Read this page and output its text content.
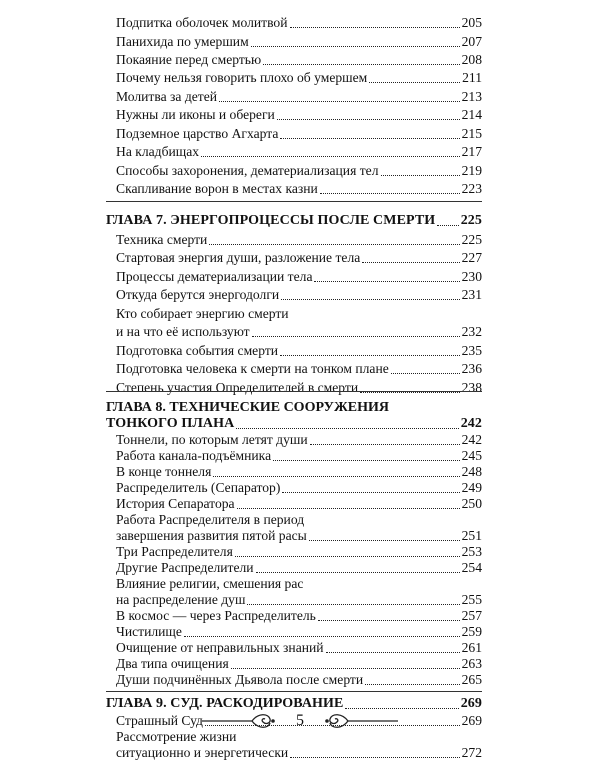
Подпитка оболочек молитвой	205
Панихида по умершим	207
Покаяние перед смертью	208
Почему нельзя говорить плохо об умершем	211
Молитва за детей	213
Нужны ли иконы и обереги	214
Подземное царство Агхарта	215
На кладбищах	217
Способы захоронения, дематериализация тел	219
Скапливание ворон в местах казни	223
ГЛАВА 7. ЭНЕРГОПРОЦЕССЫ ПОСЛЕ СМЕРТИ 225
Техника смерти	225
Стартовая энергия души, разложение тела	227
Процессы дематериализации тела	230
Откуда берутся энергодолги	231
Кто собирает энергию смерти
и на что её используют	232
Подготовка события смерти	235
Подготовка человека к смерти на тонком плане	236
Степень участия Определителей в смерти	238
ГЛАВА 8. ТЕХНИЧЕСКИЕ СООРУЖЕНИЯ
ТОНКОГО ПЛАНА	242
Тоннели, по которым летят души	242
Работа канала-подъёмника	245
В конце тоннеля	248
Распределитель (Сепаратор)	249
История Сепаратора	250
Работа Распределителя в период
завершения развития пятой расы	251
Три Распределителя	253
Другие Распределители	254
Влияние религии, смешения рас
на распределение душ	255
В космос — через Распределитель	257
Чистилище	259
Очищение от неправильных знаний	261
Два типа очищения	263
Души подчинённых Дьявола после смерти	265
ГЛАВА 9. СУД. РАСКОДИРОВАНИЕ	269
Страшный Суд	269
Рассмотрение жизни
ситуационно и энергетически	272
5
